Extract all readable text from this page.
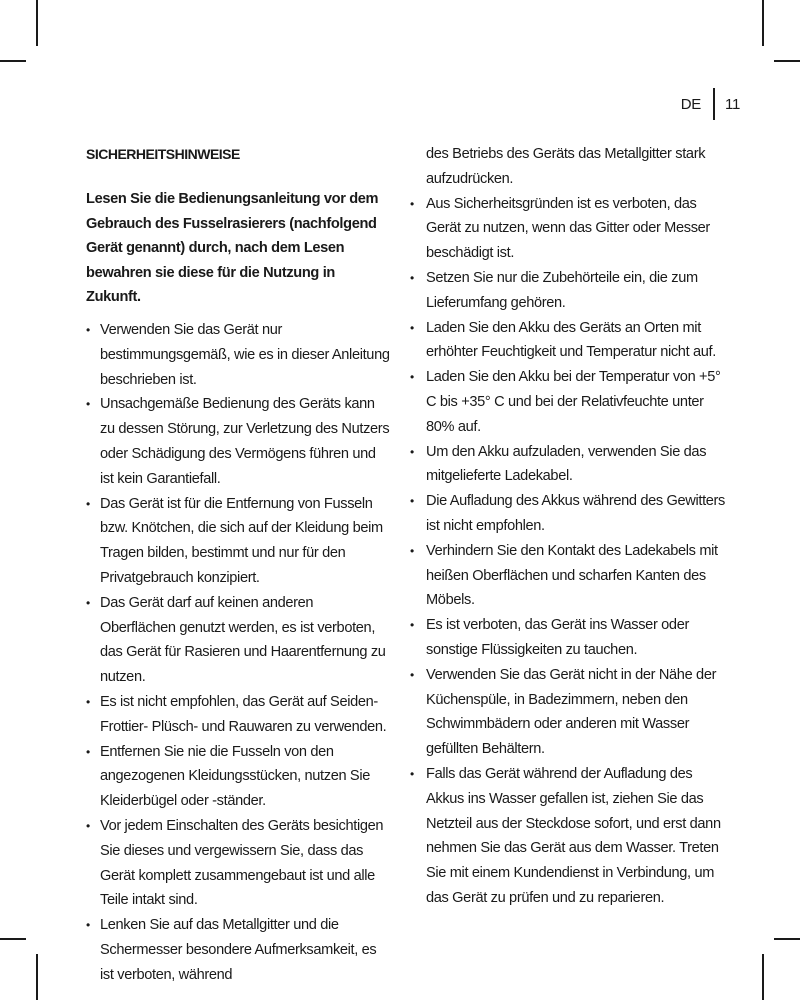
DE 11
SICHERHEITSHINWEISE

Lesen Sie die Bedienungsanleitung vor dem Gebrauch des Fusselrasierers (nachfolgend Gerät genannt) durch, nach dem Lesen bewahren sie diese für die Nutzung in Zukunft.

• Verwenden Sie das Gerät nur bestimmungsgemäß, wie es in dieser Anleitung beschrieben ist.
• Unsachgemäße Bedienung des Geräts kann zu dessen Störung, zur Verletzung des Nutzers oder Schädigung des Vermögens führen und ist kein Garantiefall.
• Das Gerät ist für die Entfernung von Fusseln bzw. Knötchen, die sich auf der Kleidung beim Tragen bilden, bestimmt und nur für den Privatgebrauch konzipiert.
• Das Gerät darf auf keinen anderen Oberflächen genutzt werden, es ist verboten, das Gerät für Rasieren und Haarentfernung zu nutzen.
• Es ist nicht empfohlen, das Gerät auf Seiden- Frottier- Plüsch- und Rauwaren zu verwenden.
• Entfernen Sie nie die Fusseln von den angezogenen Kleidungsstücken, nutzen Sie Kleiderbügel oder -ständer.
• Vor jedem Einschalten des Geräts besichtigen Sie dieses und vergewissern Sie, dass das Gerät komplett zusammengebaut ist und alle Teile intakt sind.
• Lenken Sie auf das Metallgitter und die Schermesser besondere Aufmerksamkeit, es ist verboten, während

des Betriebs des Geräts das Metallgitter stark aufzudrücken.

• Aus Sicherheitsgründen ist es verboten, das Gerät zu nutzen, wenn das Gitter oder Messer beschädigt ist.
• Setzen Sie nur die Zubehörteile ein, die zum Lieferumfang gehören.
• Laden Sie den Akku des Geräts an Orten mit erhöhter Feuchtigkeit und Temperatur nicht auf.
• Laden Sie den Akku bei der Temperatur von +5° C bis +35° C und bei der Relativfeuchte unter 80% auf.
• Um den Akku aufzuladen, verwenden Sie das mitgelieferte Ladekabel.
• Die Aufladung des Akkus während des Gewitters ist nicht empfohlen.
• Verhindern Sie den Kontakt des Ladekabels mit heißen Oberflächen und scharfen Kanten des Möbels.
• Es ist verboten, das Gerät ins Wasser oder sonstige Flüssigkeiten zu tauchen.
• Verwenden Sie das Gerät nicht in der Nähe der Küchenspüle, in Badezimmern, neben den Schwimmbädern oder anderen mit Wasser gefüllten Behältern.
• Falls das Gerät während der Aufladung des Akkus ins Wasser gefallen ist, ziehen Sie das Netzteil aus der Steckdose sofort, und erst dann nehmen Sie das Gerät aus dem Wasser. Treten Sie mit einem Kundendienst in Verbindung, um das Gerät zu prüfen und zu reparieren.
